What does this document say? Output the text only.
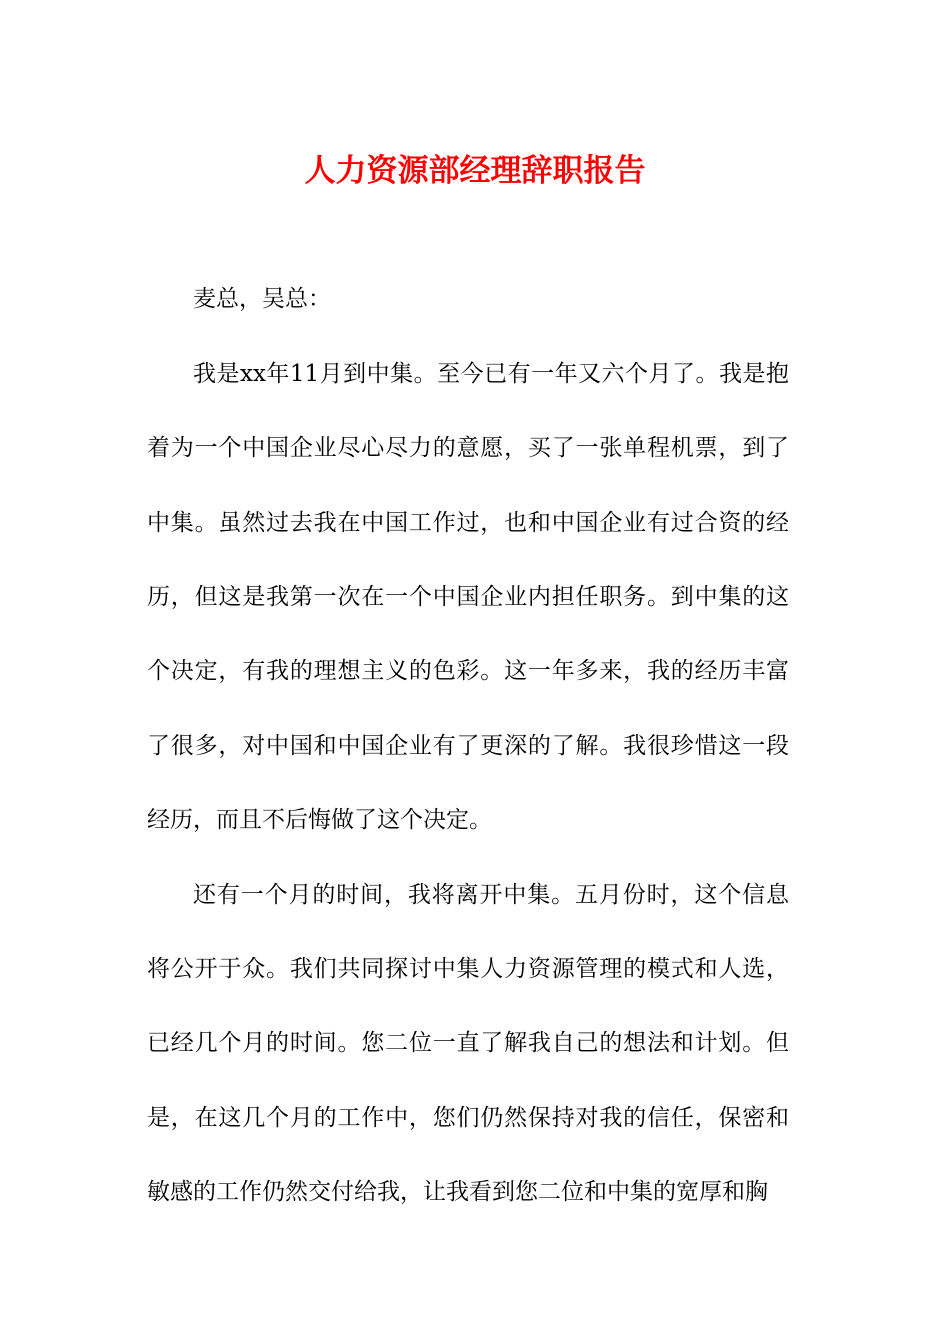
人力资源部经理辞职报告

麦总，吴总：

我是xx年11月到中集。至今已有一年又六个月了。我是抱着为一个中国企业尽心尽力的意愿，买了一张单程机票，到了中集。虽然过去我在中国工作过，也和中国企业有过合资的经历，但这是我第一次在一个中国企业内担任职务。到中集的这个决定，有我的理想主义的色彩。这一年多来，我的经历丰富了很多，对中国和中国企业有了更深的了解。我很珍惜这一段经历，而且不后悔做了这个决定。

还有一个月的时间，我将离开中集。五月份时，这个信息将公开于众。我们共同探讨中集人力资源管理的模式和人选，已经几个月的时间。您二位一直了解我自己的想法和计划。但是，在这几个月的工作中，您们仍然保持对我的信任，保密和敏感的工作仍然交付给我，让我看到您二位和中集的宽厚和胸
